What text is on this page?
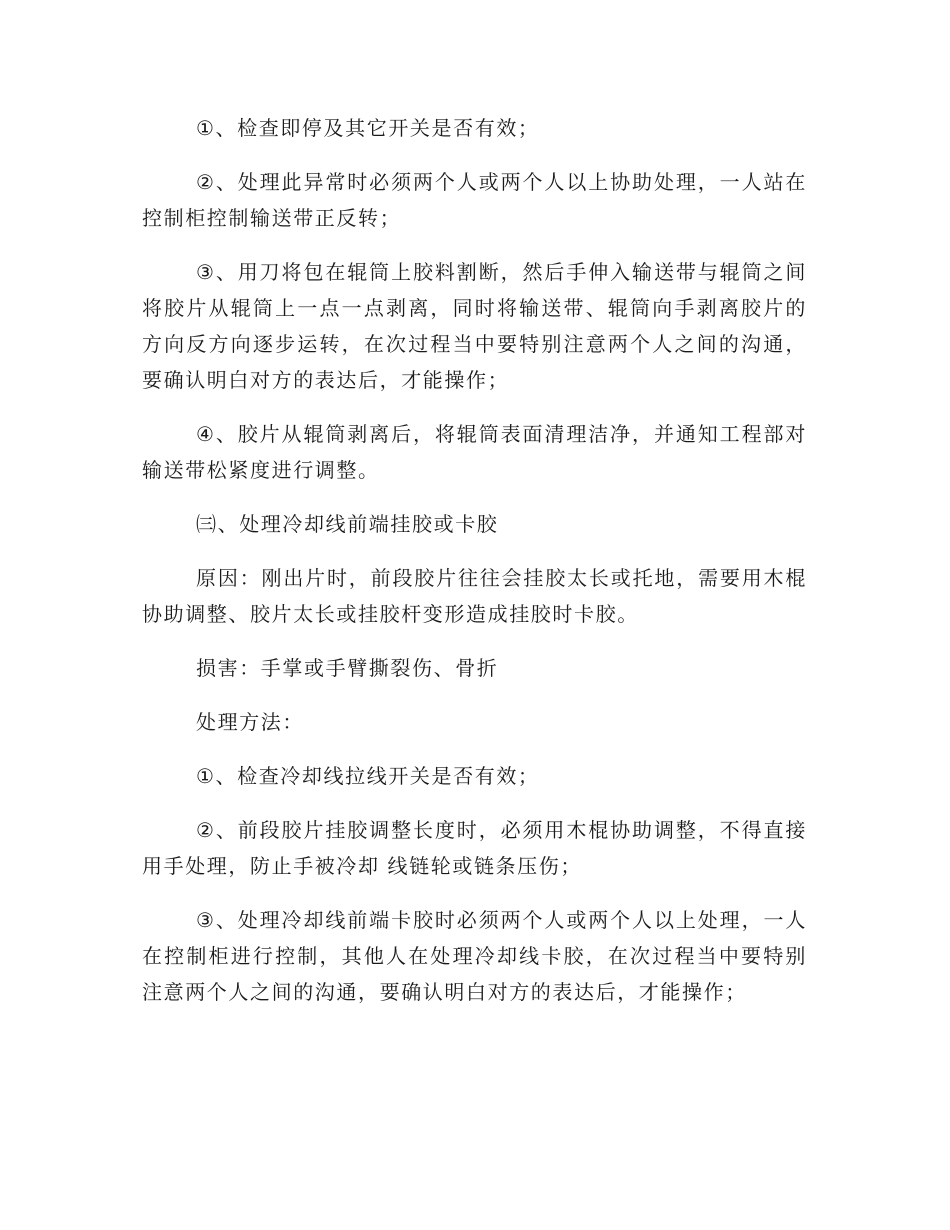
①、检查即停及其它开关是否有效；

②、处理此异常时必须两个人或两个人以上协助处理，一人站在控制柜控制输送带正反转；

③、用刀将包在辊筒上胶料割断，然后手伸入输送带与辊筒之间将胶片从辊筒上一点一点剥离，同时将输送带、辊筒向手剥离胶片的方向反方向逐步运转，在次过程当中要特别注意两个人之间的沟通，要确认明白对方的表达后，才能操作；

④、胶片从辊筒剥离后，将辊筒表面清理洁净，并通知工程部对输送带松紧度进行调整。

㈢、处理冷却线前端挂胶或卡胶

原因：刚出片时，前段胶片往往会挂胶太长或托地，需要用木棍协助调整、胶片太长或挂胶杆变形造成挂胶时卡胶。

损害：手掌或手臂撕裂伤、骨折

处理方法：

①、检查冷却线拉线开关是否有效；

②、前段胶片挂胶调整长度时，必须用木棍协助调整，不得直接用手处理，防止手被冷却 线链轮或链条压伤；

③、处理冷却线前端卡胶时必须两个人或两个人以上处理，一人在控制柜进行控制，其他人在处理冷却线卡胶，在次过程当中要特别注意两个人之间的沟通，要确认明白对方的表达后，才能操作；
